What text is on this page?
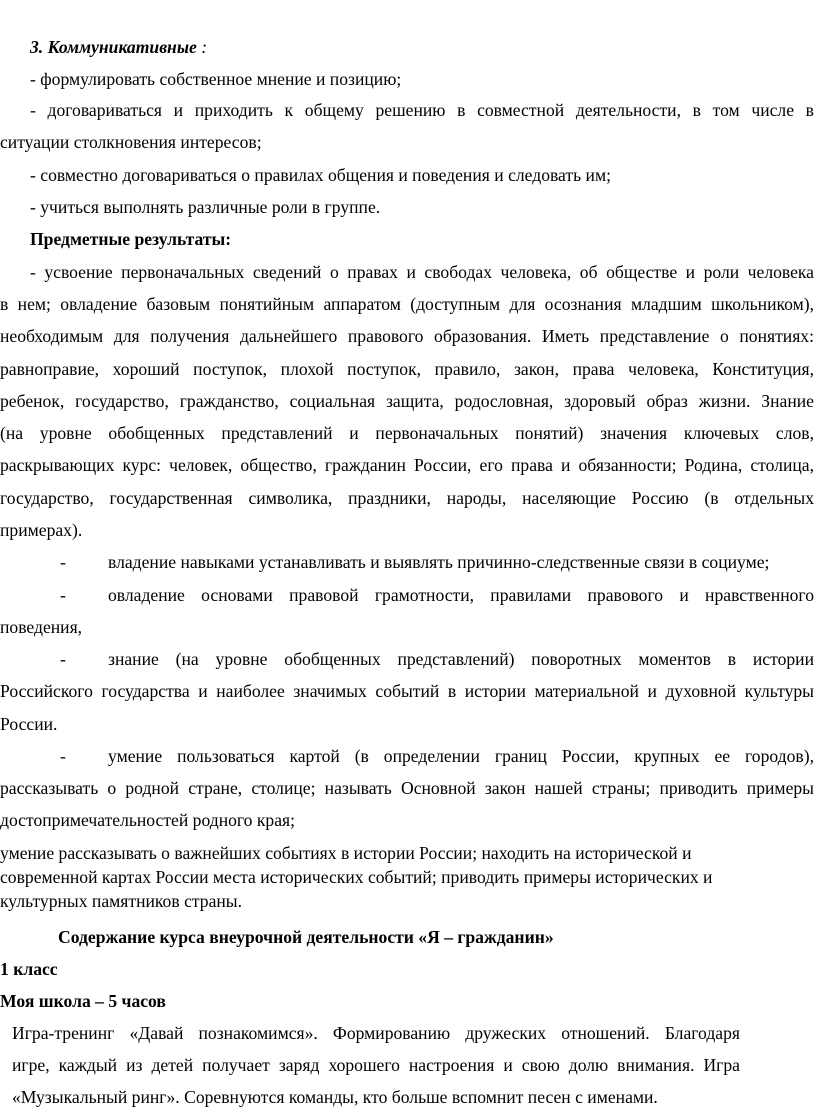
3. Коммуникативные :
- формулировать собственное мнение и позицию;
- договариваться и приходить к общему решению в совместной деятельности, в том числе в
ситуации столкновения интересов;
- совместно договариваться о правилах общения и поведения и следовать им;
- учиться выполнять различные роли в группе.
Предметные результаты:
- усвоение первоначальных сведений о правах и свободах человека, об обществе и роли человека
в нем; овладение базовым понятийным аппаратом (доступным для осознания младшим школьником),
необходимым для получения дальнейшего правового образования. Иметь представление о понятиях:
равноправие, хороший поступок, плохой поступок, правило, закон, права человека, Конституция,
ребенок, государство, гражданство, социальная защита, родословная, здоровый образ жизни. Знание
(на уровне обобщенных представлений и первоначальных понятий) значения ключевых слов,
раскрывающих курс: человек, общество, гражданин России, его права и обязанности; Родина, столица,
государство, государственная символика, праздники, народы, населяющие Россию (в отдельных
примерах).
- владение навыками устанавливать и выявлять причинно-следственные связи в социуме;
- овладение основами правовой грамотности, правилами правового и нравственного
поведения,
- знание (на уровне обобщенных представлений) поворотных моментов в истории
Российского государства и наиболее значимых событий в истории материальной и духовной культуры
России.
- умение пользоваться картой (в определении границ России, крупных ее городов),
рассказывать о родной стране, столице; называть Основной закон нашей страны; приводить примеры
достопримечательностей родного края;
умение рассказывать о важнейших событиях в истории России; находить на исторической и
современной картах России места исторических событий; приводить примеры исторических и
культурных памятников страны.
Содержание курса внеурочной деятельности «Я – гражданин»
1 класс
Моя школа – 5 часов
Игра-тренинг «Давай познакомимся». Формированию дружеских отношений. Благодаря
игре, каждый из детей получает заряд хорошего настроения и свою долю внимания. Игра
«Музыкальный ринг». Соревнуются команды, кто больше вспомнит песен с именами.
